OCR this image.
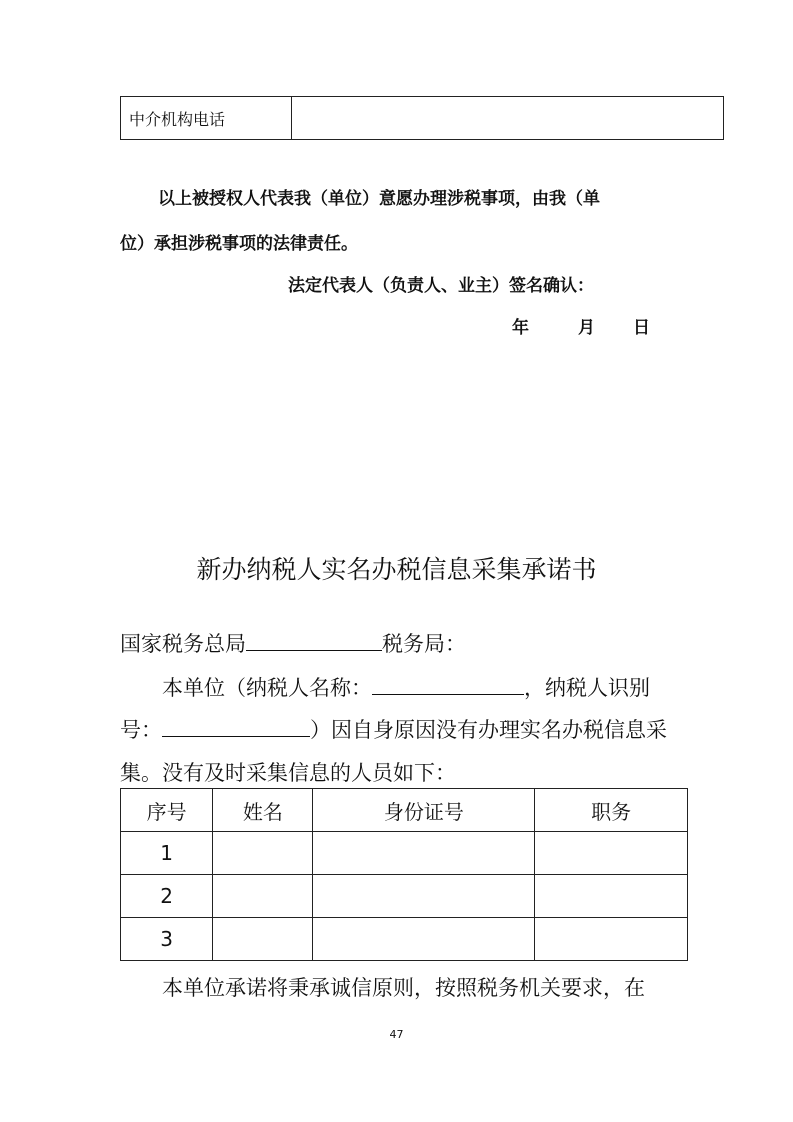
中介机构电话	
以上被授权人代表我（单位）意愿办理涉税事项，由我（单
位）承担涉税事项的法律责任。
法定代表人（负责人、业主）签名确认：
年	月 日
新办纳税人实名办税信息采集承诺书
国家税务总局	税务局：
本单位（纳税人名称：	，纳税人识别
号：	）因自身原因没有办理实名办税信息采
集。没有及时采集信息的人员如下：
序号	姓名	身份证号	职务
1			
2			
3			
本单位承诺将秉承诚信原则，按照税务机关要求，在
47
